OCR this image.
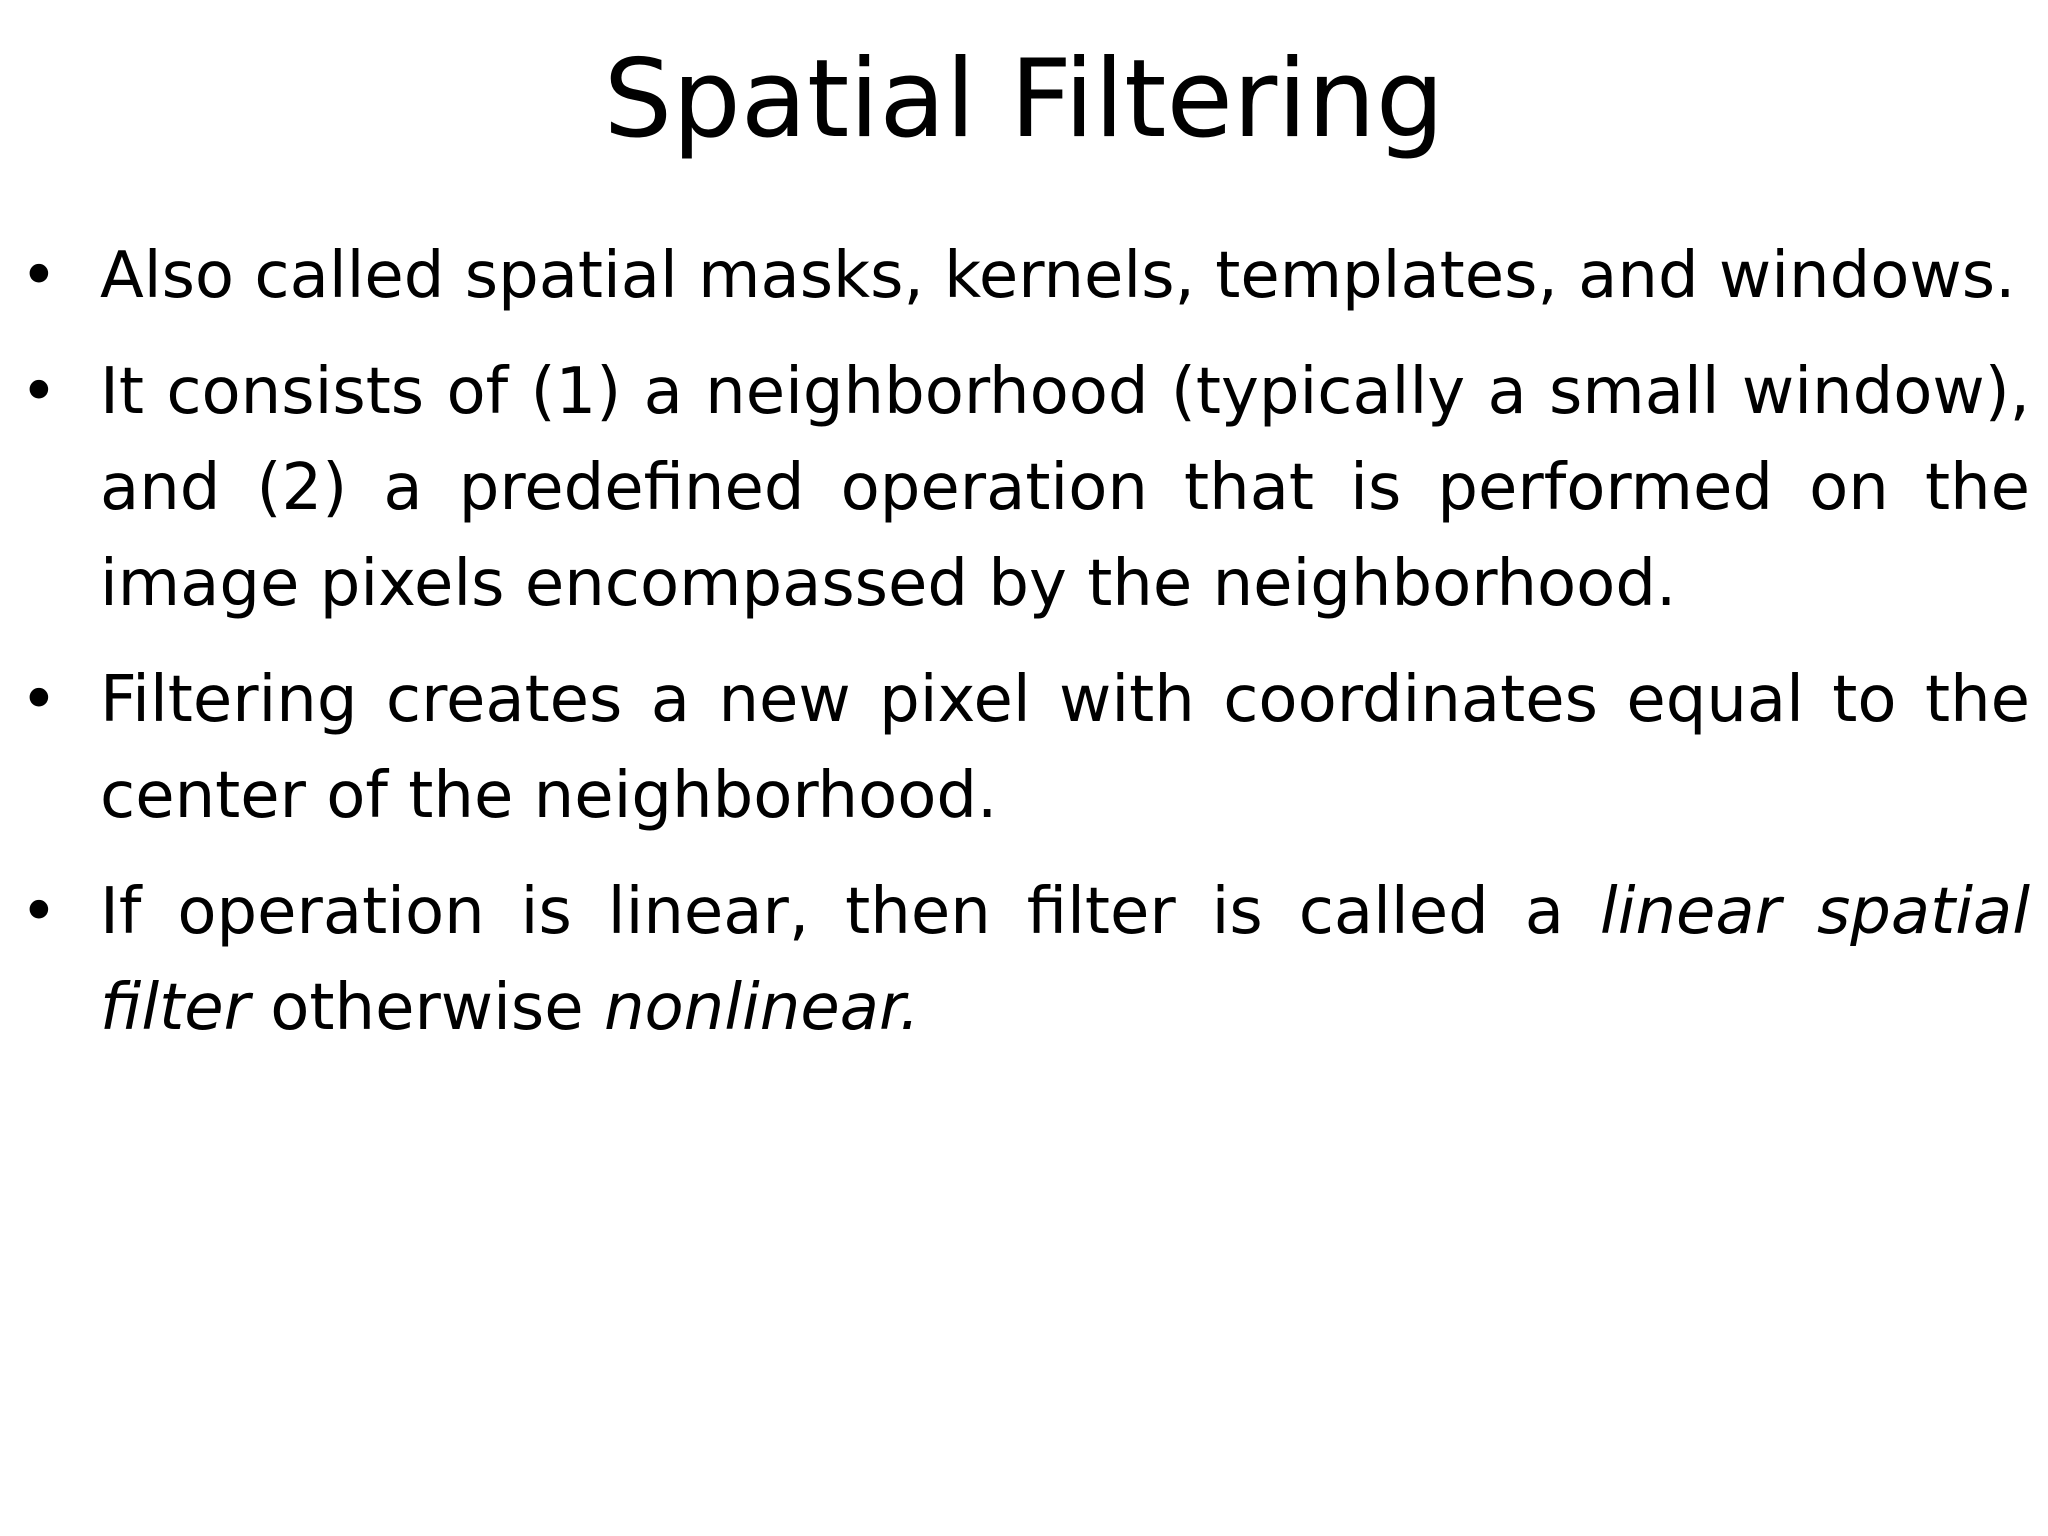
Spatial Filtering
• Also called spatial masks, kernels, templates, and windows.
• It consists of (1) a neighborhood (typically a small window), and (2) a predefined operation that is performed on the image pixels encompassed by the neighborhood.
• Filtering creates a new pixel with coordinates equal to the center of the neighborhood.
• If operation is linear, then filter is called a linear spatial filter otherwise nonlinear.
